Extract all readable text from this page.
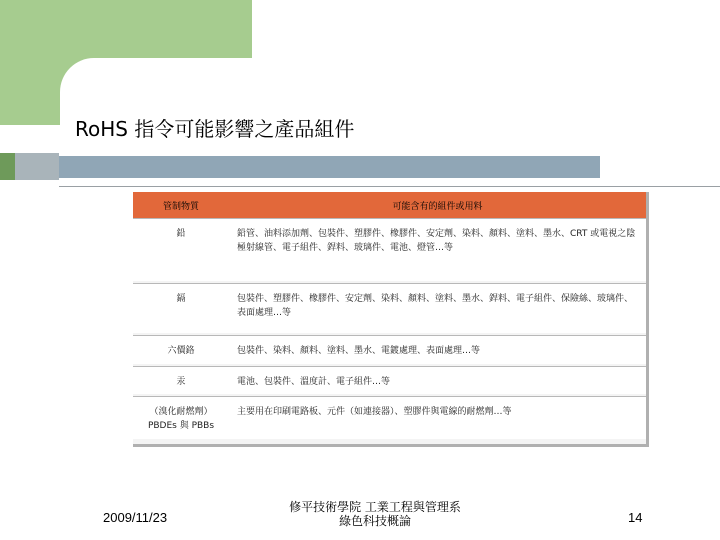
RoHS 指令可能影響之產品組件
管制物質	可能含有的組件或用料
鉛	鉛管、油料添加劑、包裝件、塑膠件、橡膠件、安定劑、染料、顏料、塗料、墨水、CRT 或電視之陰極射線管、電子組件、銲料、玻璃件、電池、燈管…等

鎘	包裝件、塑膠件、橡膠件、安定劑、染料、顏料、塗料、墨水、銲料、電子組件、保險絲、玻璃件、表面處理…等

六價鉻	包裝件、染料、顏料、塗料、墨水、電鍍處理、表面處理…等

汞	電池、包裝件、溫度計、電子組件…等

（溴化耐燃劑）PBDEs 與 PBBs	主要用在印刷電路板、元件（如連接器）、塑膠件與電線的耐燃劑…等
2009/11/23
修平技術學院 工業工程與管理系
綠色科技概論	14
